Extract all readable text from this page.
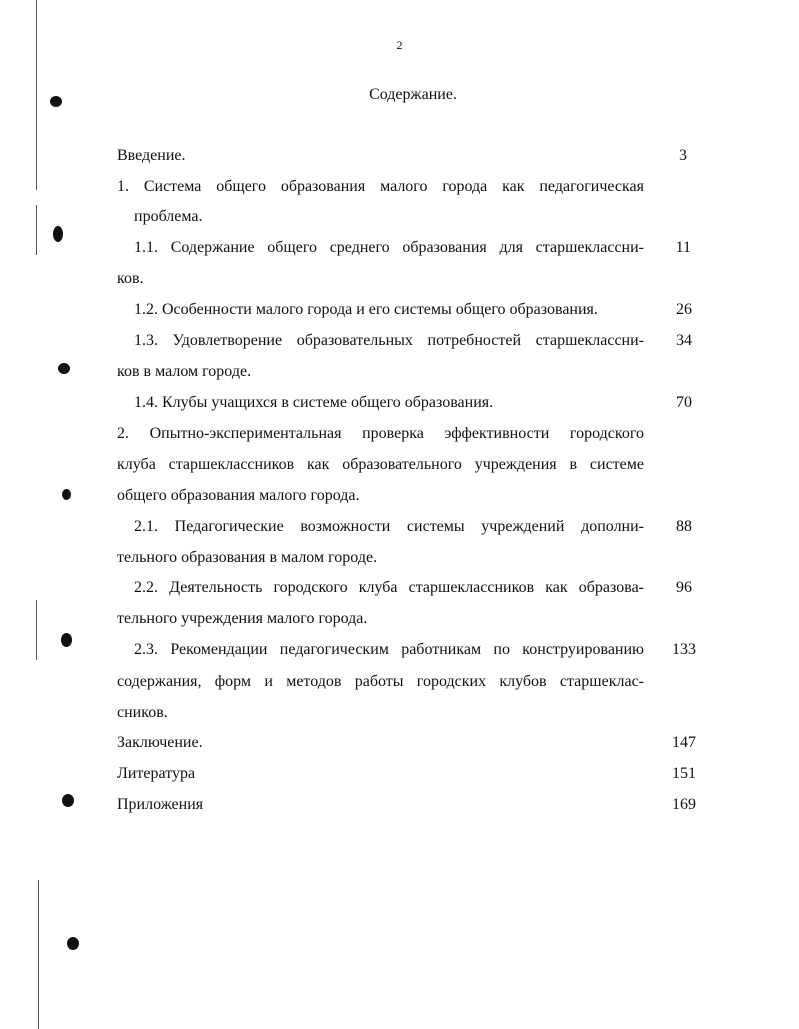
2
Содержание.
Введение.	3
1. Система общего образования малого города как педагогическая
проблема.
1.1. Содержание общего среднего образования для старшеклассни-	11
ков.
1.2. Особенности малого города и его системы общего образования.	26
1.3. Удовлетворение образовательных потребностей старшеклассни-	34
ков в малом городе.
1.4. Клубы учащихся в системе общего образования.	70
2. Опытно-экспериментальная проверка эффективности городского
клуба старшеклассников как образовательного учреждения в системе
общего образования малого города.
2.1. Педагогические возможности системы учреждений дополни-	88
тельного образования в малом городе.
2.2. Деятельность городского клуба старшеклассников как образова-	96
тельного учреждения малого города.
2.3. Рекомендации педагогическим работникам по конструированию	133
содержания, форм и методов работы городских клубов старшеклас-
сников.
Заключение.	147
Литература	151
Приложения	169
